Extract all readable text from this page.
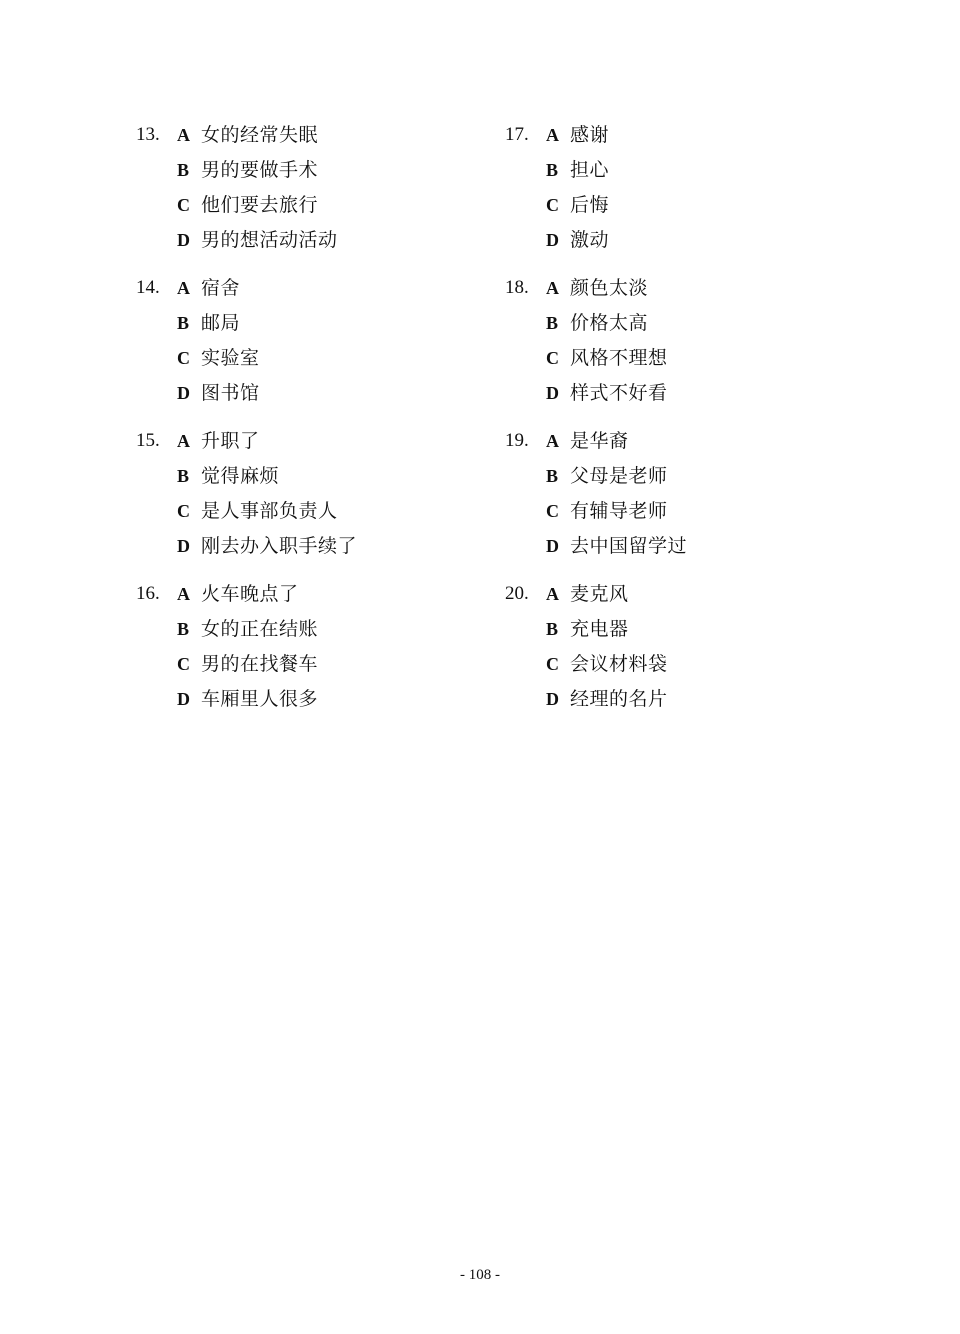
13. A 女的经常失眠
B 男的要做手术
C 他们要去旅行
D 男的想活动活动
14. A 宿舍
B 邮局
C 实验室
D 图书馆
15. A 升职了
B 觉得麻烦
C 是人事部负责人
D 刚去办入职手续了
16. A 火车晚点了
B 女的正在结账
C 男的在找餐车
D 车厢里人很多
17. A 感谢
B 担心
C 后悔
D 激动
18. A 颜色太淡
B 价格太高
C 风格不理想
D 样式不好看
19. A 是华裔
B 父母是老师
C 有辅导老师
D 去中国留学过
20. A 麦克风
B 充电器
C 会议材料袋
D 经理的名片
- 108 -
